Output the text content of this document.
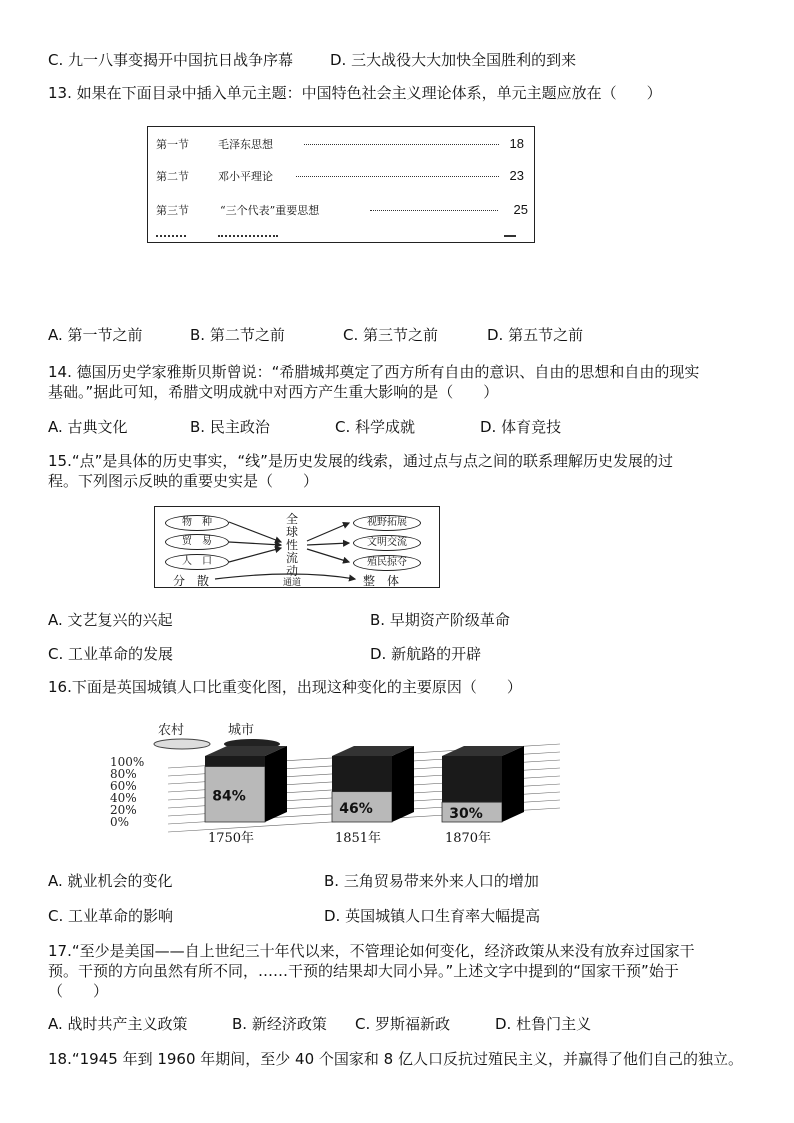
C. 九一八事变揭开中国抗日战争序幕 D. 三大战役大大加快全国胜利的到来
13. 如果在下面目录中插入单元主题：中国特色社会主义理论体系，单元主题应放在（　　）
第一节	毛泽东思想	18
第二节	邓小平理论	23
第三节	“三个代表”重要思想	25
A. 第一节之前	B. 第二节之前	C. 第三节之前	D. 第五节之前
14. 德国历史学家雅斯贝斯曾说：“希腊城邦奠定了西方所有自由的意识、自由的思想和自由的现实
基础。”据此可知，希腊文明成就中对西方产生重大影响的是（　　）
A. 古典文化	B. 民主政治	C. 科学成就	D. 体育竞技
15.“点”是具体的历史事实，“线”是历史发展的线索，通过点与点之间的联系理解历史发展的过
程。下列图示反映的重要史实是（　　）
物　种
贸　易
人　口
全
球
性
流
动
视野拓展
文明交流
殖民掠夺
分　散	通道	整　体
A. 文艺复兴的兴起	B. 早期资产阶级革命
C. 工业革命的发展	D. 新航路的开辟
16.下面是英国城镇人口比重变化图，出现这种变化的主要原因（　　）
农村	城市
100%
80%
60%
40%
20%
0%
84%
1750年
46%
1851年
30%
1870年
A. 就业机会的变化	B. 三角贸易带来外来人口的增加
C. 工业革命的影响	D. 英国城镇人口生育率大幅提高
17.“至少是美国——自上世纪三十年代以来，不管理论如何变化，经济政策从来没有放弃过国家干
预。干预的方向虽然有所不同，……干预的结果却大同小异。”上述文字中提到的“国家干预”始于
（　　）
A. 战时共产主义政策	B. 新经济政策 C. 罗斯福新政	D. 杜鲁门主义
18.“1945 年到 1960 年期间，至少 40 个国家和 8 亿人口反抗过殖民主义，并赢得了他们自己的独立。
